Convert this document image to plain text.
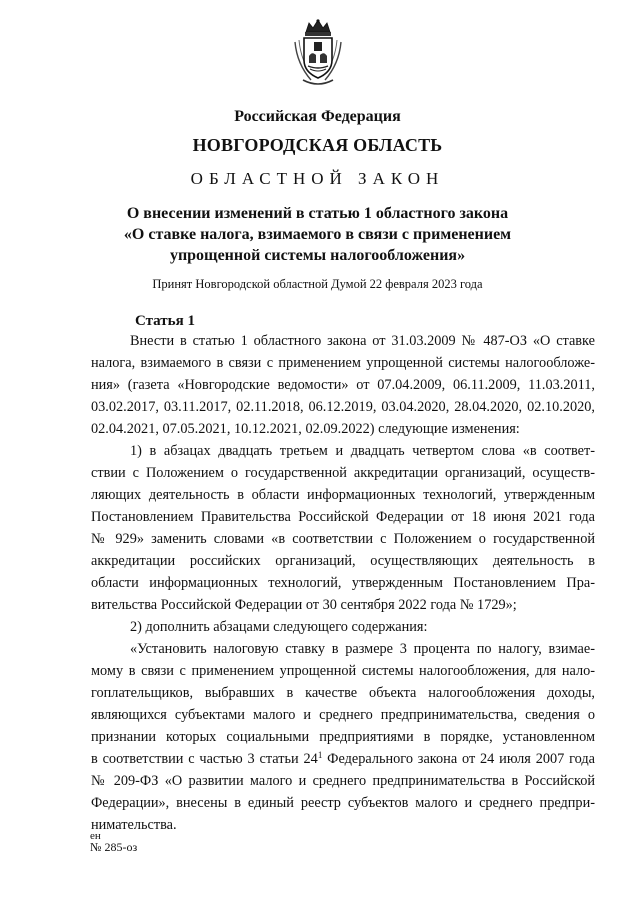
Российская Федерация
НОВГОРОДСКАЯ ОБЛАСТЬ
ОБЛАСТНОЙ ЗАКОН
О внесении изменений в статью 1 областного закона
«О ставке налога, взимаемого в связи с применением
упрощенной системы налогообложения»
Принят Новгородской областной Думой 22 февраля 2023 года
Статья 1
Внести в статью 1 областного закона от 31.03.2009 № 487-ОЗ «О ставке
налога, взимаемого в связи с применением упрощенной системы налогообложе-
ния» (газета «Новгородские ведомости» от 07.04.2009, 06.11.2009, 11.03.2011,
03.02.2017, 03.11.2017, 02.11.2018, 06.12.2019, 03.04.2020, 28.04.2020, 02.10.2020,
02.04.2021, 07.05.2021, 10.12.2021, 02.09.2022) следующие изменения:
1) в абзацах двадцать третьем и двадцать четвертом слова «в соответ-
ствии с Положением о государственной аккредитации организаций, осуществ-
ляющих деятельность в области информационных технологий, утвержденным
Постановлением Правительства Российской Федерации от 18 июня 2021 года
№ 929» заменить словами «в соответствии с Положением о государственной
аккредитации российских организаций, осуществляющих деятельность в
области информационных технологий, утвержденным Постановлением Пра-
вительства Российской Федерации от 30 сентября 2022 года № 1729»;
2) дополнить абзацами следующего содержания:
«Установить налоговую ставку в размере 3 процента по налогу, взимае-
мому в связи с применением упрощенной системы налогообложения, для нало-
гоплательщиков, выбравших в качестве объекта налогообложения доходы,
являющихся субъектами малого и среднего предпринимательства, сведения о
признании которых социальными предприятиями в порядке, установленном
в соответствии с частью 3 статьи $24^1$ Федерального закона от 24 июля 2007 года
№ 209-ФЗ «О развитии малого и среднего предпринимательства в Российской
Федерации», внесены в единый реестр субъектов малого и среднего предпри-
нимательства.
ен
№ 285-оз
